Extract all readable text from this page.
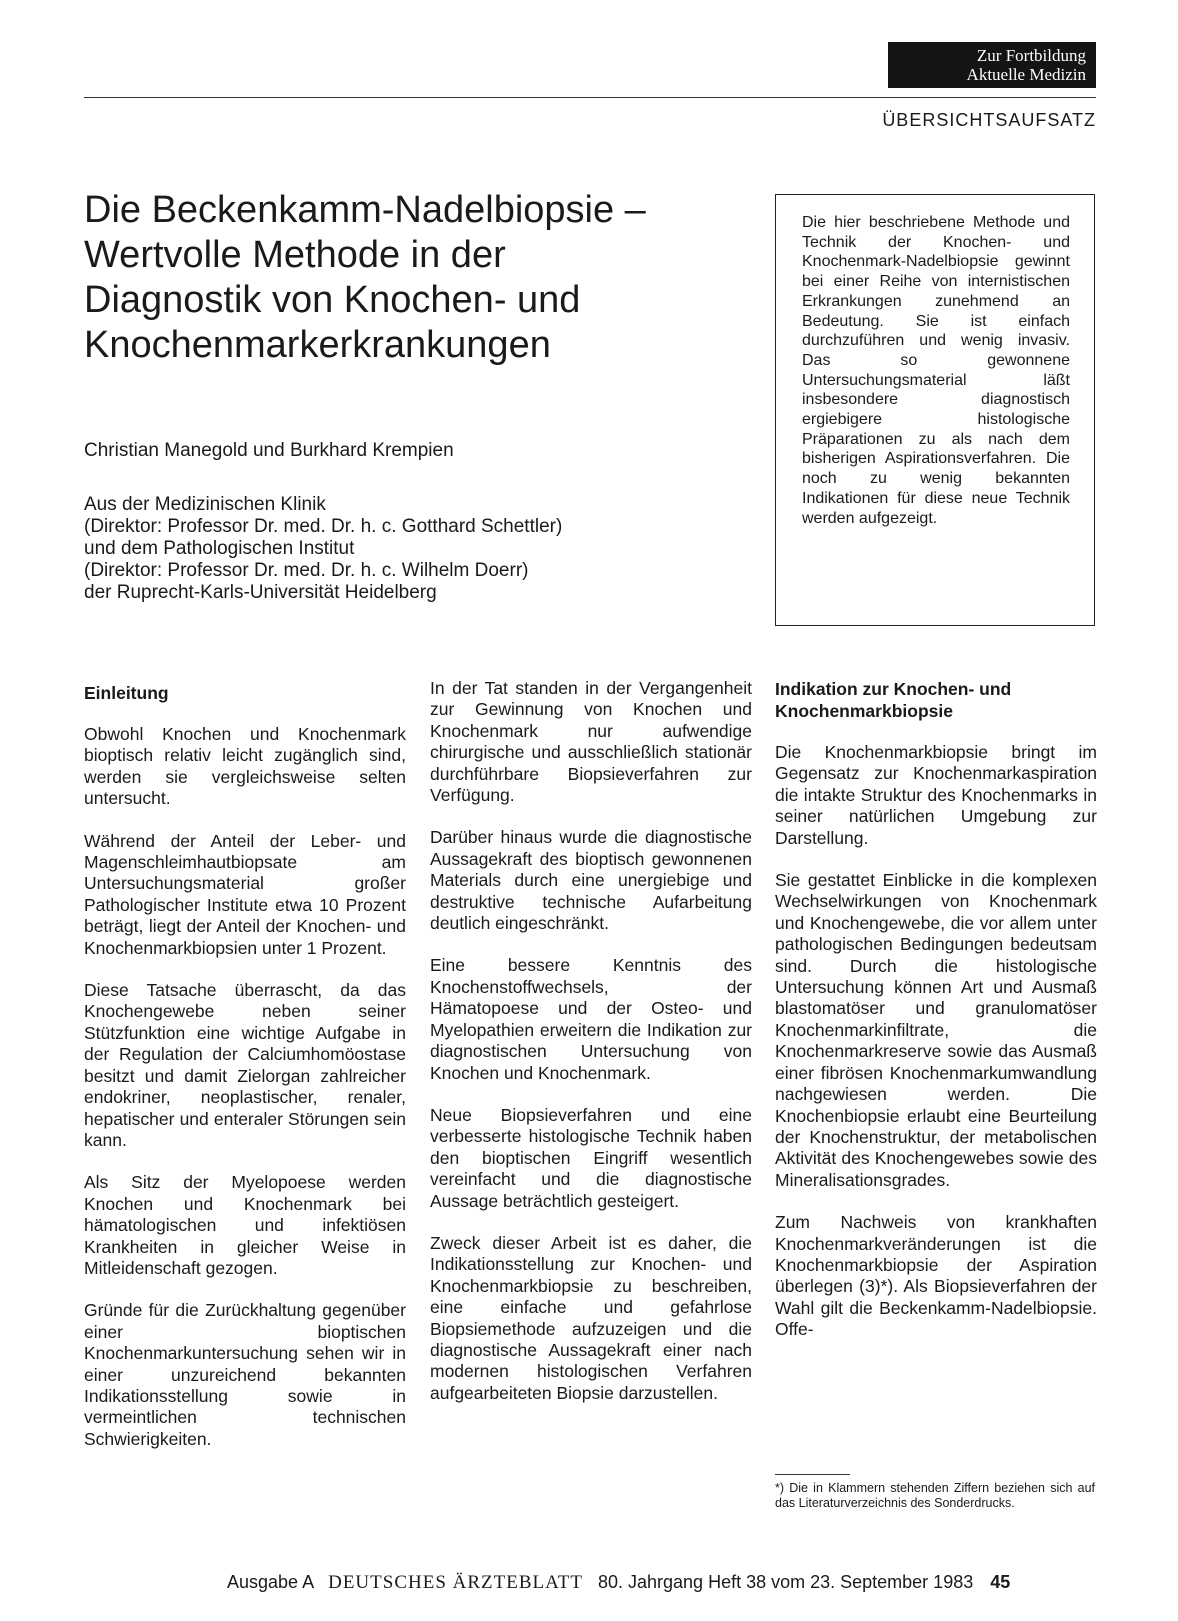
Zur Fortbildung
Aktuelle Medizin
ÜBERSICHTSAUFSATZ
Die Beckenkamm-Nadelbiopsie –
Wertvolle Methode in der
Diagnostik von Knochen- und
Knochenmarkerkrankungen
Christian Manegold und Burkhard Krempien
Aus der Medizinischen Klinik
(Direktor: Professor Dr. med. Dr. h. c. Gotthard Schettler)
und dem Pathologischen Institut
(Direktor: Professor Dr. med. Dr. h. c. Wilhelm Doerr)
der Ruprecht-Karls-Universität Heidelberg
Die hier beschriebene Methode und Technik der Knochen- und Knochenmark-Nadelbiopsie gewinnt bei einer Reihe von internistischen Erkrankungen zunehmend an Bedeutung. Sie ist einfach durchzuführen und wenig invasiv. Das so gewonnene Untersuchungsmaterial läßt insbesondere diagnostisch ergiebigere histologische Präparationen zu als nach dem bisherigen Aspirationsverfahren. Die noch zu wenig bekannten Indikationen für diese neue Technik werden aufgezeigt.
Einleitung

Obwohl Knochen und Knochenmark bioptisch relativ leicht zugänglich sind, werden sie vergleichsweise selten untersucht.

Während der Anteil der Leber- und Magenschleimhautbiopsate am Untersuchungsmaterial großer Pathologischer Institute etwa 10 Prozent beträgt, liegt der Anteil der Knochen- und Knochenmarkbiopsien unter 1 Prozent.

Diese Tatsache überrascht, da das Knochengewebe neben seiner Stützfunktion eine wichtige Aufgabe in der Regulation der Calciumhomöostase besitzt und damit Zielorgan zahlreicher endokriner, neoplastischer, renaler, hepatischer und enteraler Störungen sein kann.

Als Sitz der Myelopoese werden Knochen und Knochenmark bei hämatologischen und infektiösen Krankheiten in gleicher Weise in Mitleidenschaft gezogen.

Gründe für die Zurückhaltung gegenüber einer bioptischen Knochenmarkuntersuchung sehen wir in einer unzureichend bekannten Indikationsstellung sowie in vermeintlichen technischen Schwierigkeiten.

In der Tat standen in der Vergangenheit zur Gewinnung von Knochen und Knochenmark nur aufwendige chirurgische und ausschließlich stationär durchführbare Biopsieverfahren zur Verfügung.

Darüber hinaus wurde die diagnostische Aussagekraft des bioptisch gewonnenen Materials durch eine unergiebige und destruktive technische Aufarbeitung deutlich eingeschränkt.

Eine bessere Kenntnis des Knochenstoffwechsels, der Hämatopoese und der Osteo- und Myelopathien erweitern die Indikation zur diagnostischen Untersuchung von Knochen und Knochenmark.

Neue Biopsieverfahren und eine verbesserte histologische Technik haben den bioptischen Eingriff wesentlich vereinfacht und die diagnostische Aussage beträchtlich gesteigert.

Zweck dieser Arbeit ist es daher, die Indikationsstellung zur Knochen- und Knochenmarkbiopsie zu beschreiben, eine einfache und gefahrlose Biopsiemethode aufzuzeigen und die diagnostische Aussagekraft einer nach modernen histologischen Verfahren aufgearbeiteten Biopsie darzustellen.

Indikation zur Knochen- und Knochenmarkbiopsie

Die Knochenmarkbiopsie bringt im Gegensatz zur Knochenmarkaspiration die intakte Struktur des Knochenmarks in seiner natürlichen Umgebung zur Darstellung.

Sie gestattet Einblicke in die komplexen Wechselwirkungen von Knochenmark und Knochengewebe, die vor allem unter pathologischen Bedingungen bedeutsam sind. Durch die histologische Untersuchung können Art und Ausmaß blastomatöser und granulomatöser Knochenmarkinfiltrate, die Knochenmarkreserve sowie das Ausmaß einer fibrösen Knochenmarkumwandlung nachgewiesen werden. Die Knochenbiopsie erlaubt eine Beurteilung der Knochenstruktur, der metabolischen Aktivität des Knochengewebes sowie des Mineralisationsgrades.

Zum Nachweis von krankhaften Knochenmarkveränderungen ist die Knochenmarkbiopsie der Aspiration überlegen (3)*). Als Biopsieverfahren der Wahl gilt die Beckenkamm-Nadelbiopsie. Offe-

*) Die in Klammern stehenden Ziffern beziehen sich auf das Literaturverzeichnis des Sonderdrucks.
Ausgabe A DEUTSCHES ÄRZTEBLATT 80. Jahrgang Heft 38 vom 23. September 1983 45
